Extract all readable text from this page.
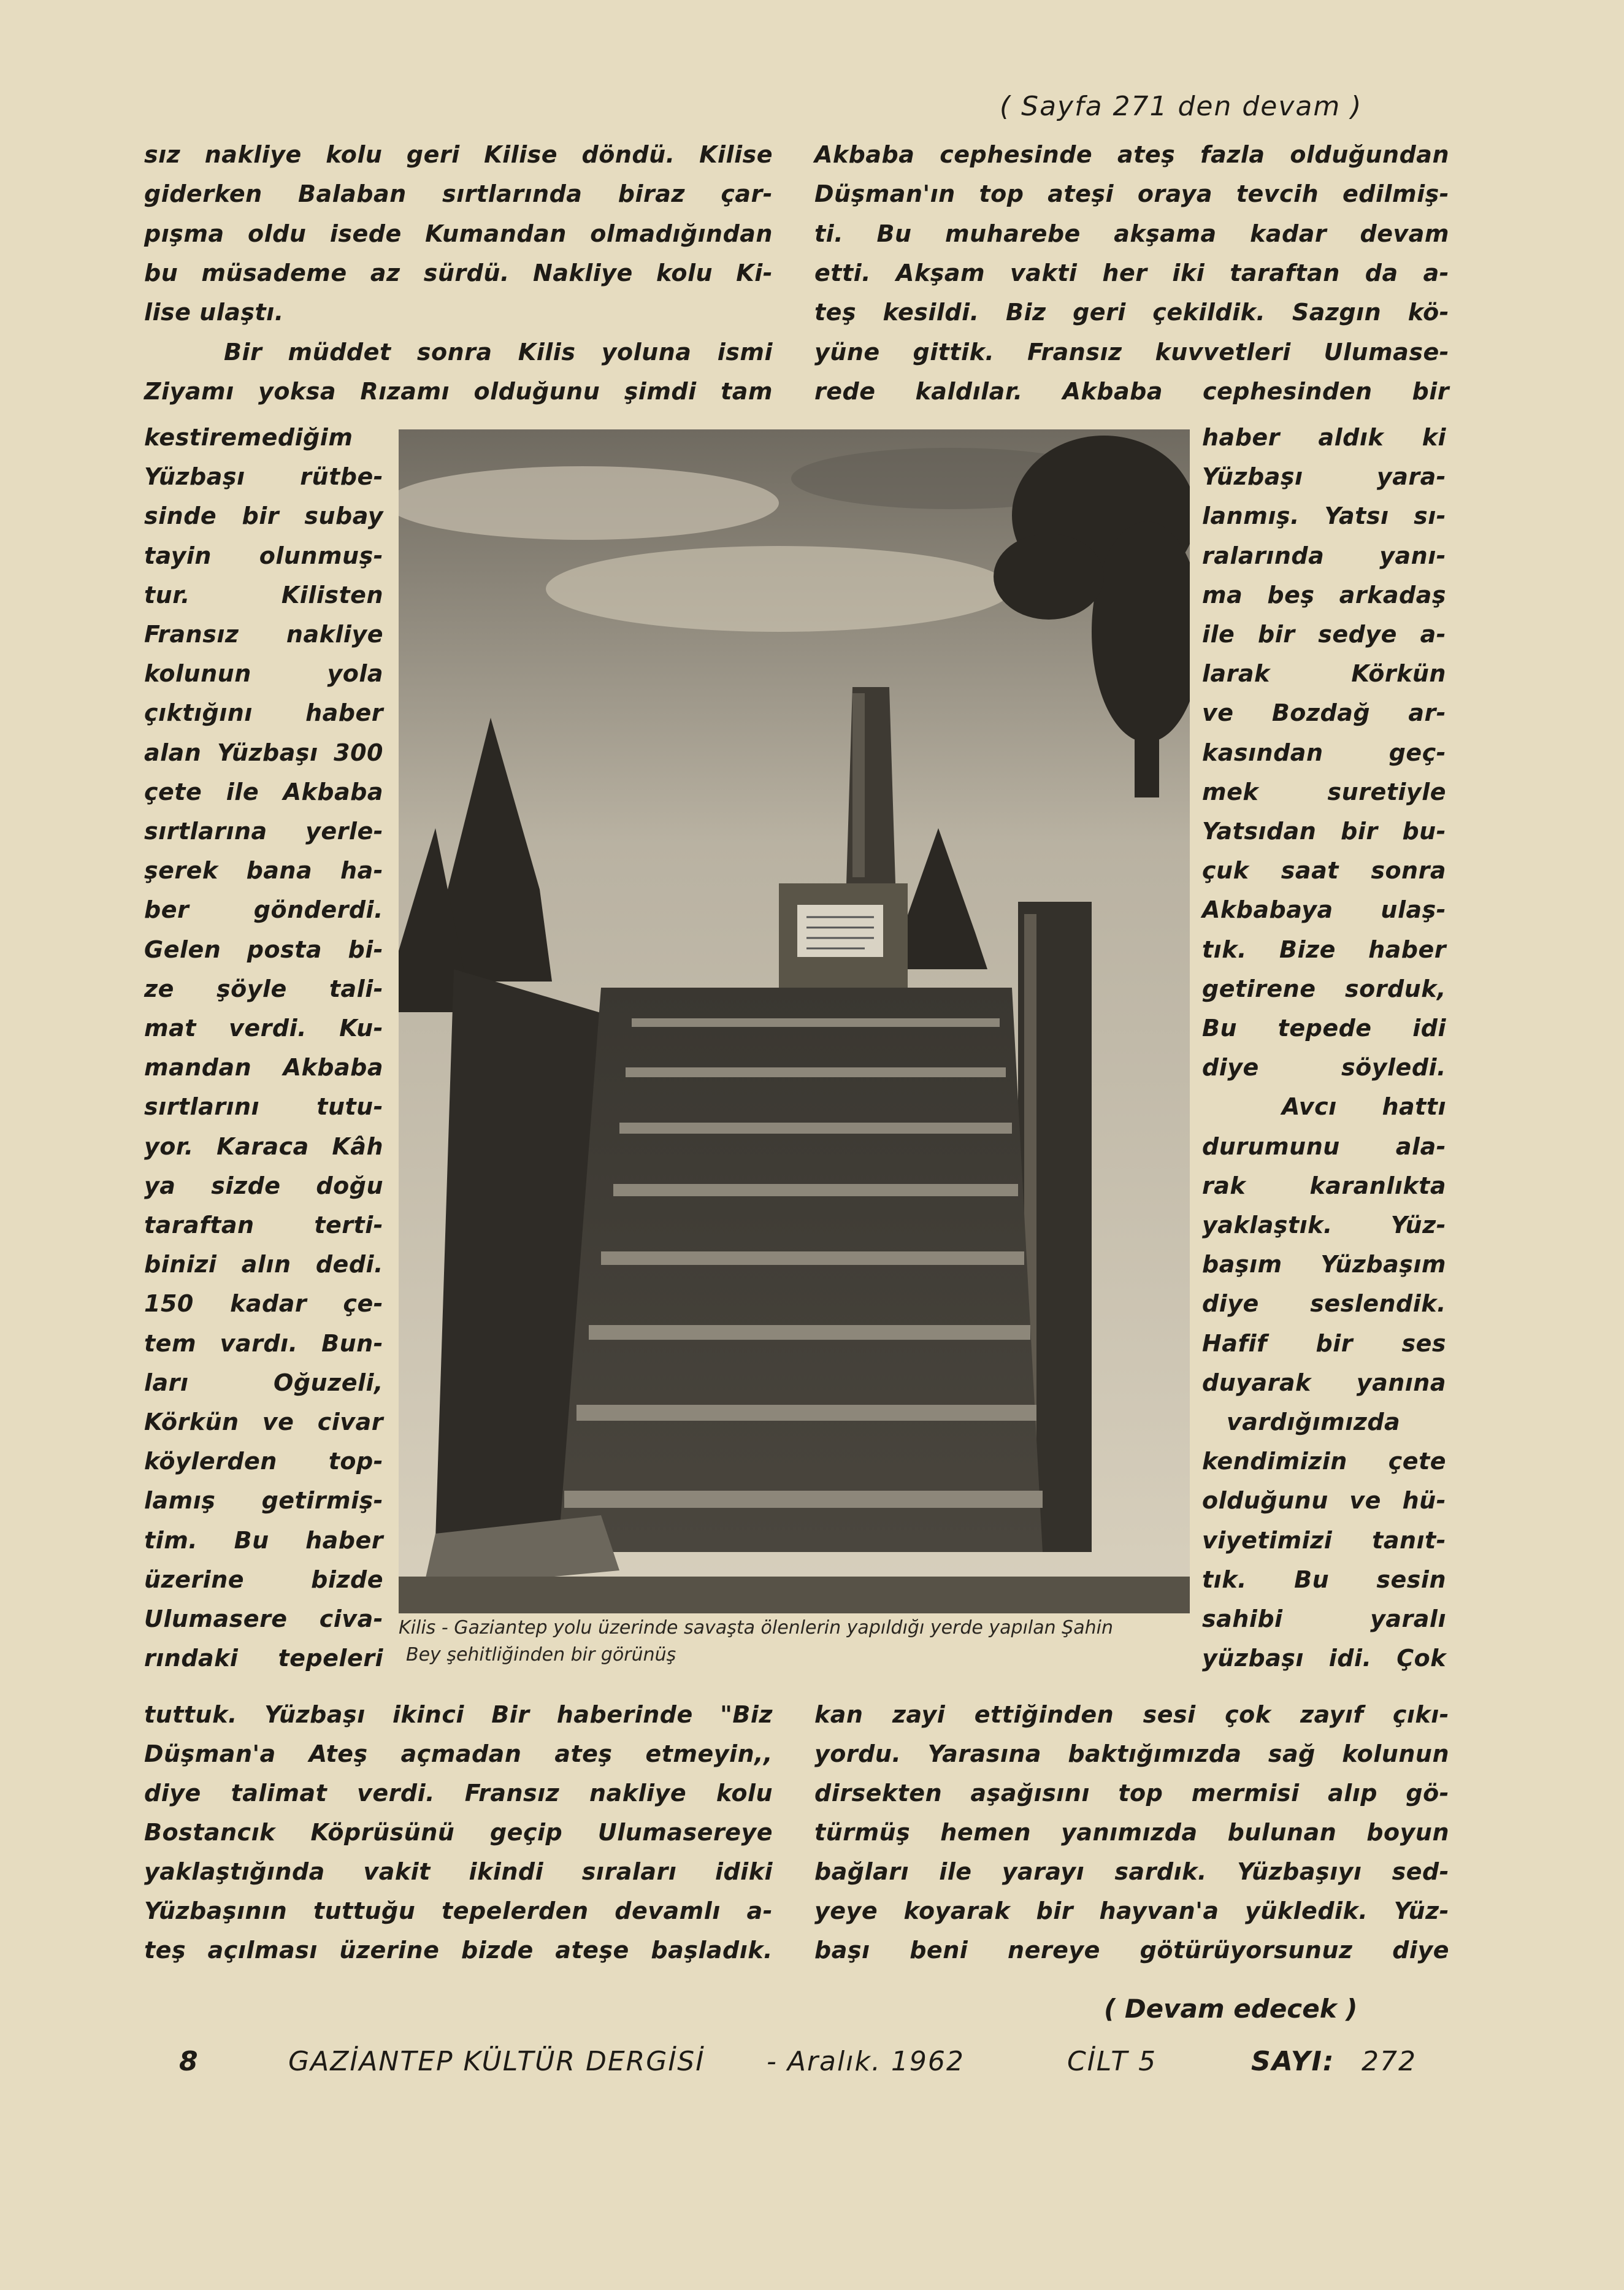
( Sayfa 271 den devam )
sız nakliye kolu geri Kilise döndü. Kilise
giderken Balaban sırtlarında biraz çar-
pışma oldu isede Kumandan olmadığından
bu müsademe az sürdü. Nakliye kolu Ki-
lise ulaştı.
Bir müddet sonra Kilis yoluna ismi
Ziyamı yoksa Rızamı olduğunu şimdi tam
kestiremediğim
Yüzbaşı rütbe-
sinde bir subay
tayin olunmuş-
tur. Kilisten
Fransız nakliye
kolunun yola
çıktığını haber
alan Yüzbaşı 300
çete ile Akbaba
sırtlarına yerle-
şerek bana ha-
ber gönderdi.
Gelen posta bi-
ze şöyle tali-
mat verdi. Ku-
mandan Akbaba
sırtlarını tutu-
yor. Karaca Kâh
ya sizde doğu
taraftan terti-
binizi alın dedi.
150 kadar çe-
tem vardı. Bun-
ları Oğuzeli,
Körkün ve civar
köylerden top-
lamış getirmiş-
tim. Bu haber
üzerine bizde
Ulumasere civa-
rındaki tepeleri
tuttuk. Yüzbaşı ikinci Bir haberinde "Biz
Düşman'a Ateş açmadan ateş etmeyin,,
diye talimat verdi. Fransız nakliye kolu
Bostancık Köprüsünü geçip Ulumasereye
yaklaştığında vakit ikindi sıraları idiki
Yüzbaşının tuttuğu tepelerden devamlı a-
teş açılması üzerine bizde ateşe başladık.
Akbaba cephesinde ateş fazla olduğundan
Düşman'ın top ateşi oraya tevcih edilmiş-
ti. Bu muharebe akşama kadar devam
etti. Akşam vakti her iki taraftan da a-
teş kesildi. Biz geri çekildik. Sazgın kö-
yüne gittik. Fransız kuvvetleri Ulumase-
rede kaldılar. Akbaba cephesinden bir
haber aldık ki
Yüzbaşı yara-
lanmış. Yatsı sı-
ralarında yanı-
ma beş arkadaş
ile bir sedye a-
larak Körkün
ve Bozdağ ar-
kasından geç-
mek suretiyle
Yatsıdan bir bu-
çuk saat sonra
Akbabaya ulaş-
tık. Bize haber
getirene sorduk,
Bu tepede idi
diye söyledi.
Avcı hattı
durumunu ala-
rak karanlıkta
yaklaştık. Yüz-
başım Yüzbaşım
diye seslendik.
Hafif bir ses
duyarak yanına
vardığımızda
kendimizin çete
olduğunu ve hü-
viyetimizi tanıt-
tık. Bu sesin
sahibi yaralı
yüzbaşı idi. Çok
kan zayi ettiğinden sesi çok zayıf çıkı-
yordu. Yarasına baktığımızda sağ kolunun
dirsekten aşağısını top mermisi alıp gö-
türmüş hemen yanımızda bulunan boyun
bağları ile yarayı sardık. Yüzbaşıyı sed-
yeye koyarak bir hayvan'a yükledik. Yüz-
başı beni nereye götürüyorsunuz diye
Kilis - Gaziantep yolu üzerinde savaşta ölenlerin yapıldığı yerde yapılan Şahin
Bey şehitliğinden bir görünüş
( Devam edecek )
8	GAZİANTEP KÜLTÜR DERGİSİ - Aralık. 1962	CİLT 5	SAYI: 272
